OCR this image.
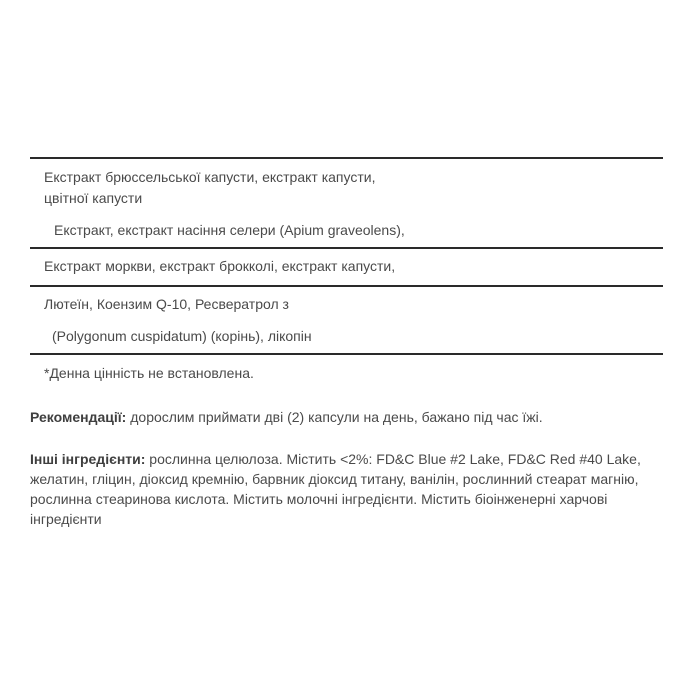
Екстракт брюссельської капусти, екстракт капусти,
цвітної капусти
Екстракт, екстракт насіння селери (Apium graveolens),
Екстракт моркви, екстракт брокколі, екстракт капусти,
Лютеїн, Коензим Q-10, Ресвератрол з
(Polygonum cuspidatum) (корінь), лікопін
*Денна цінність не встановлена.
Рекомендації: дорослим приймати дві (2) капсули на день, бажано під час їжі.
Інші інгредієнти: рослинна целюлоза. Містить <2%: FD&C Blue #2 Lake, FD&C Red #40 Lake, желатин, гліцин, діоксид кремнію, барвник діоксид титану, ванілін, рослинний стеарат магнію, рослинна стеаринова кислота. Містить молочні інгредієнти. Містить біоінженерні харчові інгредієнти
